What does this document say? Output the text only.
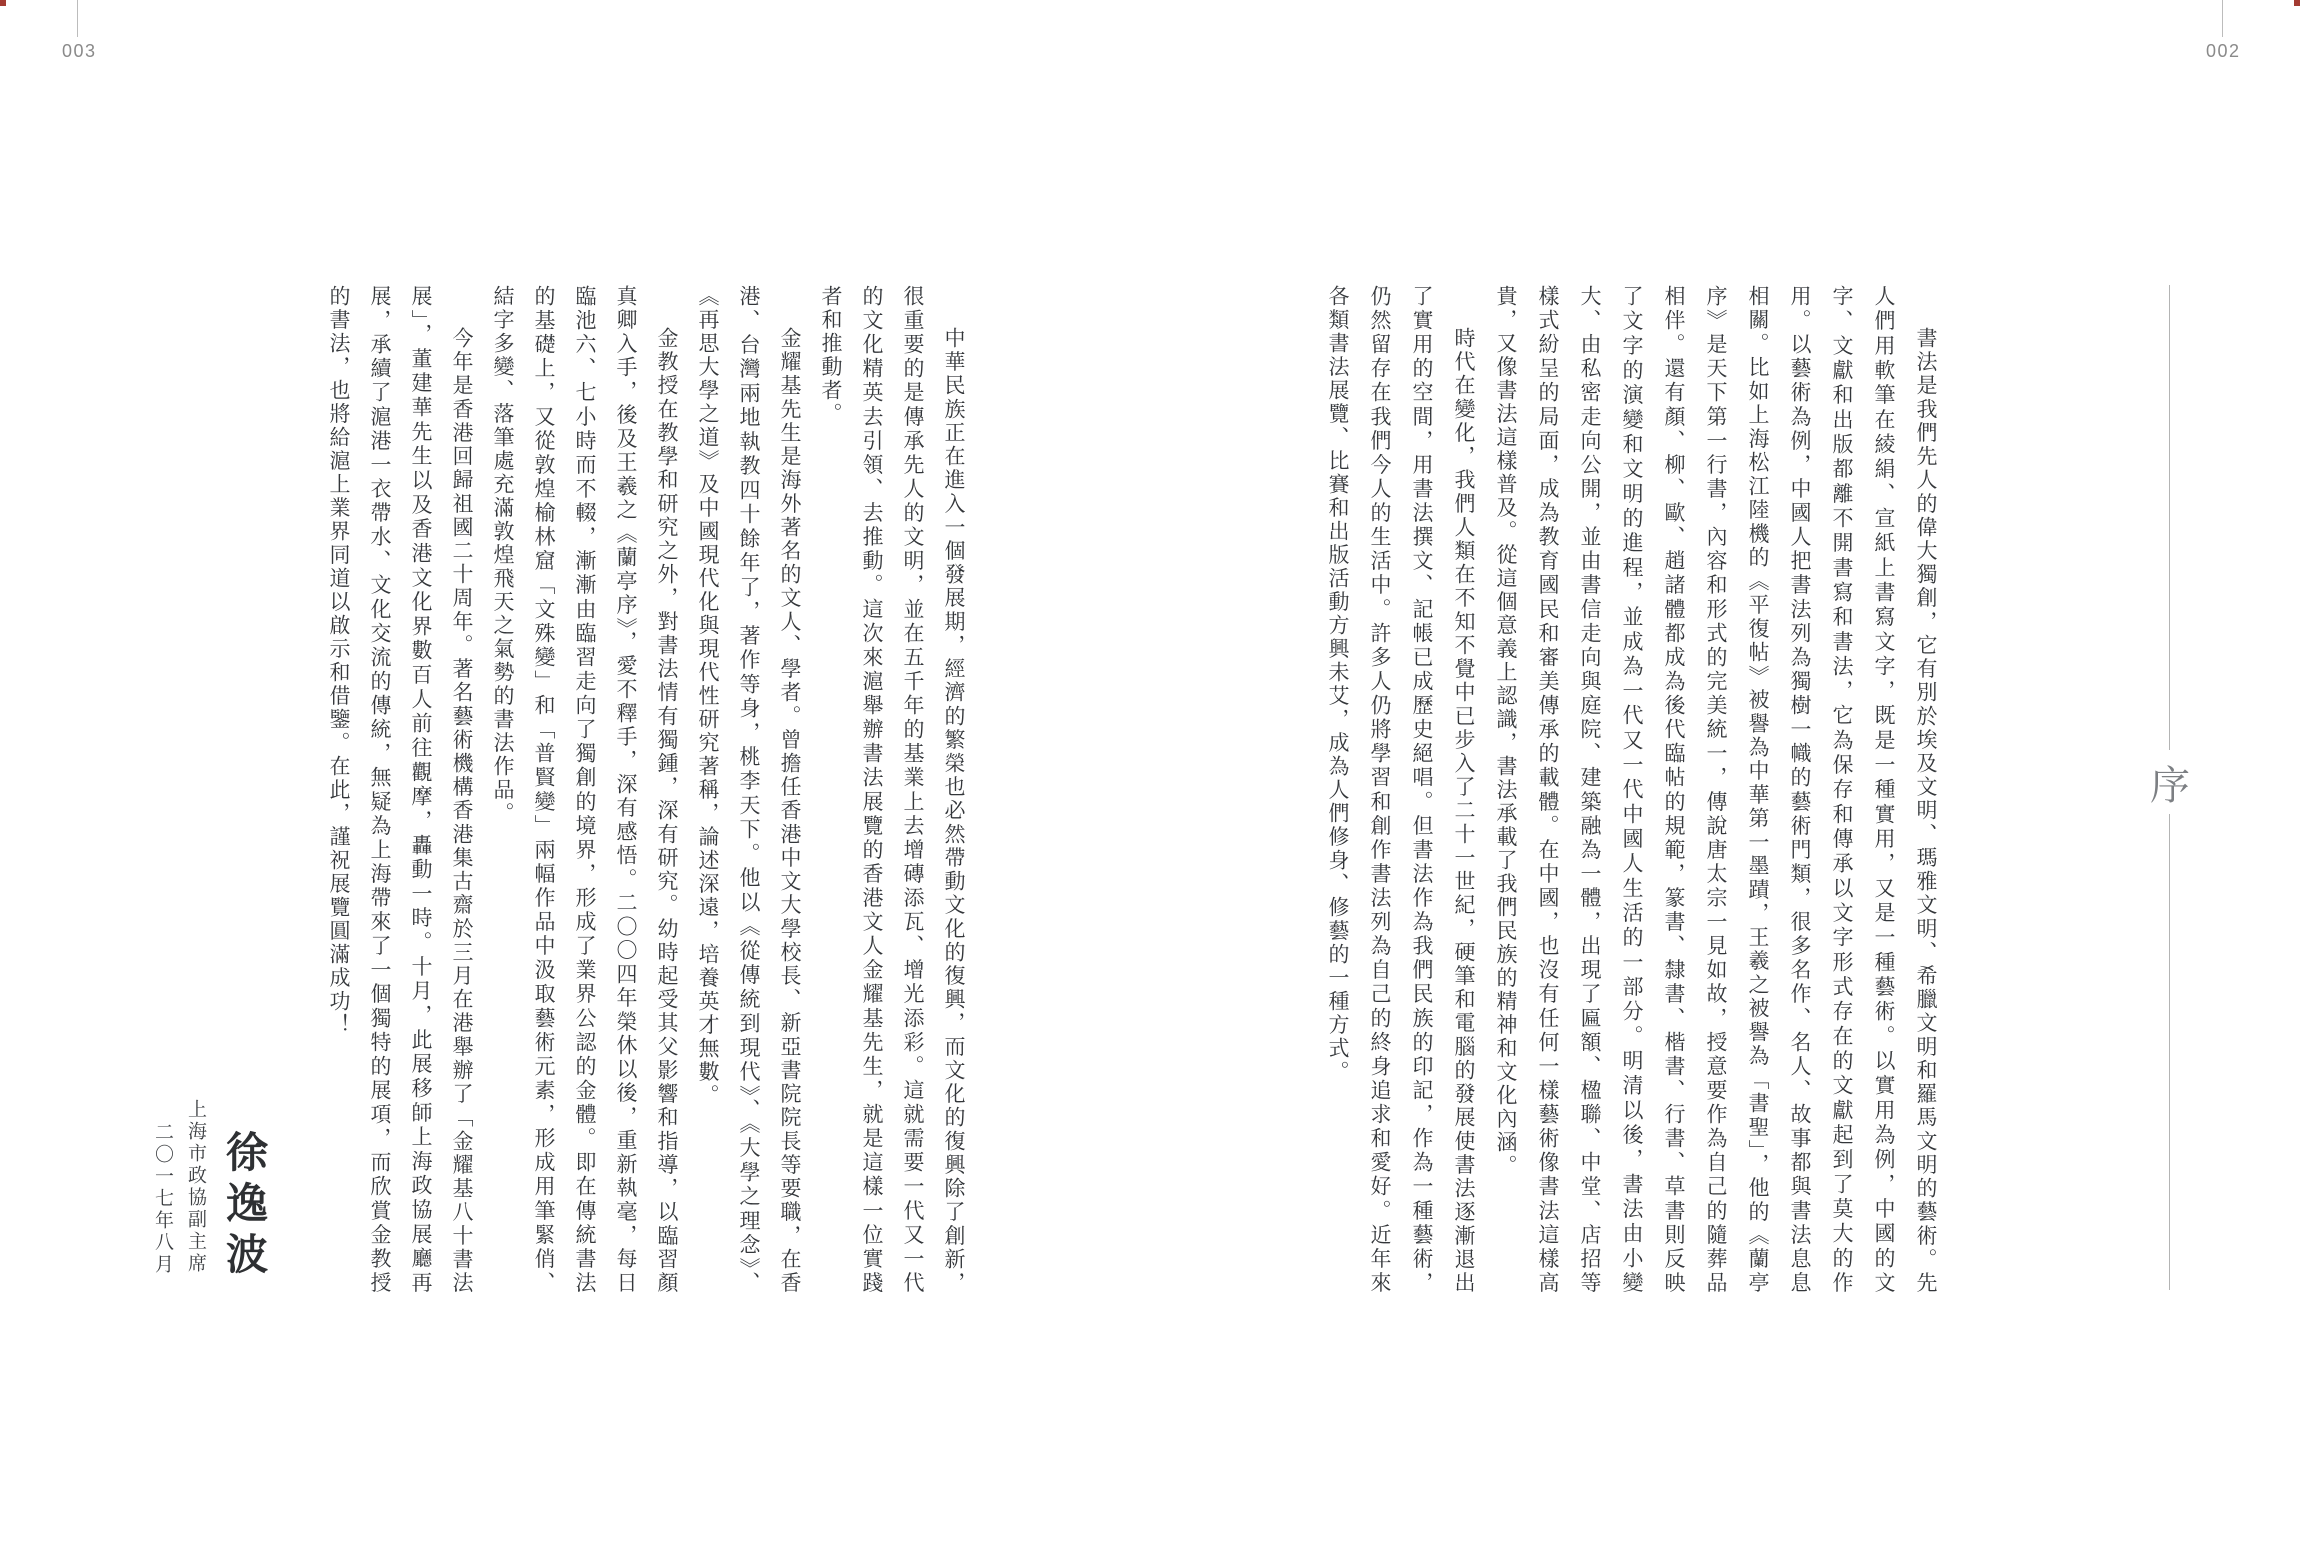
003	002
序

書法是我們先人的偉大獨創，它有別於埃及文明、瑪雅文明、希臘文明和羅馬文明的藝術。先人們用軟筆在綾絹、宣紙上書寫文字，既是一種實用，又是一種藝術。以實用為例，中國的文字、文獻和出版都離不開書寫和書法，它為保存和傳承以文字形式存在的文獻起到了莫大的作用。以藝術為例，中國人把書法列為獨樹一幟的藝術門類，很多名作、名人、故事都與書法息息相關。比如上海松江陸機的《平復帖》被譽為中華第一墨蹟，王羲之被譽為「書聖」，他的《蘭亭序》是天下第一行書，內容和形式的完美統一，傳說唐太宗一見如故，授意要作為自己的隨葬品相伴。還有顏、柳、歐、趙諸體都成為後代臨帖的規範，篆書、隸書、楷書、行書、草書則反映了文字的演變和文明的進程，並成為一代又一代中國人生活的一部分。明清以後，書法由小變大、由私密走向公開，並由書信走向與庭院、建築融為一體，出現了匾額、楹聯、中堂、店招等樣式紛呈的局面，成為教育國民和審美傳承的載體。在中國，也沒有任何一樣藝術像書法這樣高貴，又像書法這樣普及。從這個意義上認識，書法承載了我們民族的精神和文化內涵。

時代在變化，我們人類在不知不覺中已步入了二十一世紀，硬筆和電腦的發展使書法逐漸退出了實用的空間，用書法撰文、記帳已成歷史絕唱。但書法作為我們民族的印記，作為一種藝術，仍然留存在我們今人的生活中。許多人仍將學習和創作書法列為自己的終身追求和愛好。近年來各類書法展覽、比賽和出版活動方興未艾，成為人們修身、修藝的一種方式。

中華民族正在進入一個發展期，經濟的繁榮也必然帶動文化的復興，而文化的復興除了創新，很重要的是傳承先人的文明，並在五千年的基業上去增磚添瓦、增光添彩。這就需要一代又一代的文化精英去引領、去推動。這次來滬舉辦書法展覽的香港文人金耀基先生，就是這樣一位實踐者和推動者。

金耀基先生是海外著名的文人、學者。曾擔任香港中文大學校長、新亞書院院長等要職，在香港、台灣兩地執教四十餘年了，著作等身，桃李天下。他以《從傳統到現代》、《大學之理念》、《再思大學之道》及中國現代化與現代性研究著稱，論述深遠，培養英才無數。

金教授在教學和研究之外，對書法情有獨鍾，深有研究。幼時起受其父影響和指導，以臨習顏真卿入手，後及王羲之《蘭亭序》，愛不釋手，深有感悟。二〇〇四年榮休以後，重新執毫，每日臨池六、七小時而不輟，漸漸由臨習走向了獨創的境界，形成了業界公認的金體。即在傳統書法的基礎上，又從敦煌榆林窟「文殊變」和「普賢變」兩幅作品中汲取藝術元素，形成用筆緊俏、結字多變、落筆處充滿敦煌飛天之氣勢的書法作品。

今年是香港回歸祖國二十周年。著名藝術機構香港集古齋於三月在港舉辦了「金耀基八十書法展」，董建華先生以及香港文化界數百人前往觀摩，轟動一時。十月，此展移師上海政協展廳再展，承續了滬港一衣帶水、文化交流的傳統，無疑為上海帶來了一個獨特的展項，而欣賞金教授的書法，也將給滬上業界同道以啟示和借鑒。在此，謹祝展覽圓滿成功！

徐逸波
上海市政協副主席
二〇一七年八月
